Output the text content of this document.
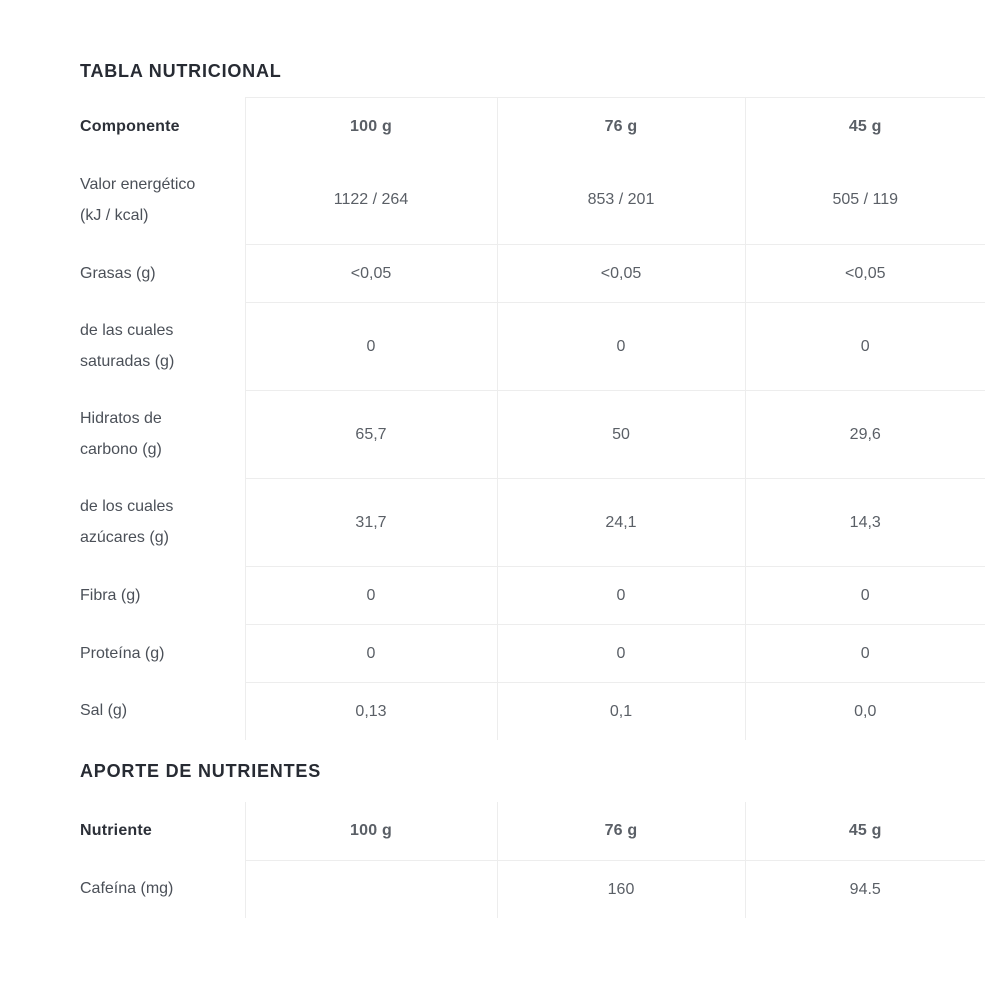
TABLA NUTRICIONAL
Componente	100 g	76 g	45 g

Valor energético (kJ / kcal)	1122 / 264	853 / 201	505 / 119

Grasas (g)	<0,05	<0,05	<0,05

de las cuales saturadas (g)	0	0	0

Hidratos de carbono (g)	65,7	50	29,6

de los cuales azúcares (g)	31,7	24,1	14,3

Fibra (g)	0	0	0

Proteína (g)	0	0	0

Sal (g)	0,13	0,1	0,0
APORTE DE NUTRIENTES
Nutriente	100 g	76 g	45 g

Cafeína (mg)		160	94.5
